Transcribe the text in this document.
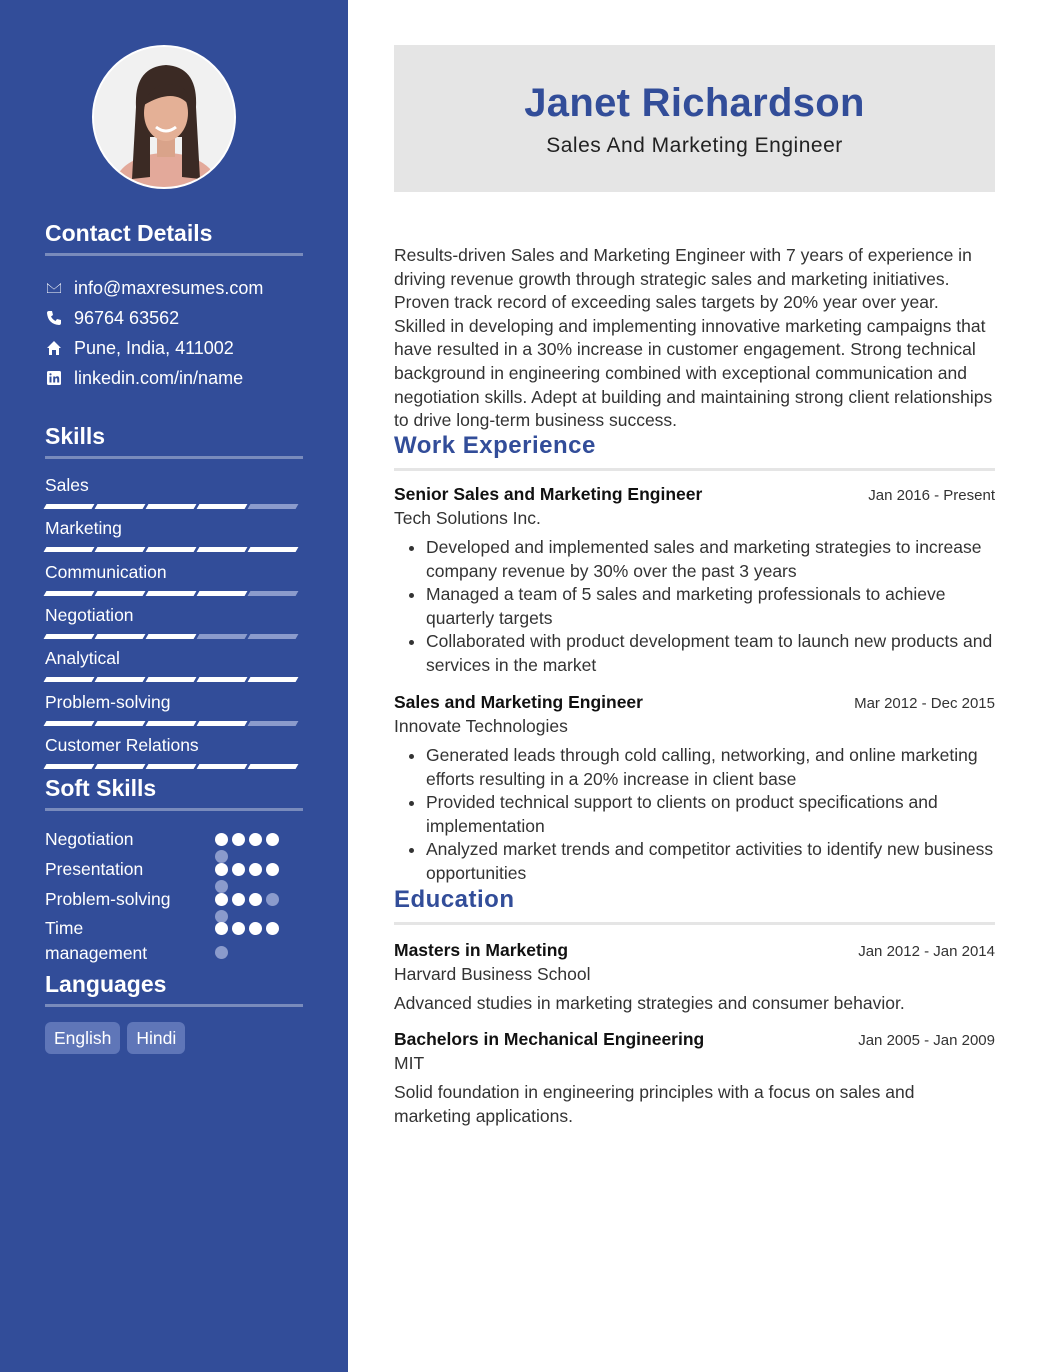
Contact Details
info@maxresumes.com
96764 63562
Pune, India, 411002
linkedin.com/in/name
Skills
Sales
Marketing
Communication
Negotiation
Analytical
Problem-solving
Customer Relations
Soft Skills
Negotiation
Presentation
Problem-solving
Time management
Languages
English	Hindi
Janet Richardson
Sales And Marketing Engineer
Results-driven Sales and Marketing Engineer with 7 years of experience in driving revenue growth through strategic sales and marketing initiatives. Proven track record of exceeding sales targets by 20% year over year. Skilled in developing and implementing innovative marketing campaigns that have resulted in a 30% increase in customer engagement. Strong technical background in engineering combined with exceptional communication and negotiation skills. Adept at building and maintaining strong client relationships to drive long-term business success.
Work Experience
Senior Sales and Marketing Engineer	Jan 2016 - Present
Tech Solutions Inc.
• Developed and implemented sales and marketing strategies to increase company revenue by 30% over the past 3 years
• Managed a team of 5 sales and marketing professionals to achieve quarterly targets
• Collaborated with product development team to launch new products and services in the market
Sales and Marketing Engineer	Mar 2012 - Dec 2015
Innovate Technologies
• Generated leads through cold calling, networking, and online marketing efforts resulting in a 20% increase in client base
• Provided technical support to clients on product specifications and implementation
• Analyzed market trends and competitor activities to identify new business opportunities
Education
Masters in Marketing	Jan 2012 - Jan 2014
Harvard Business School
Advanced studies in marketing strategies and consumer behavior.
Bachelors in Mechanical Engineering	Jan 2005 - Jan 2009
MIT
Solid foundation in engineering principles with a focus on sales and marketing applications.
